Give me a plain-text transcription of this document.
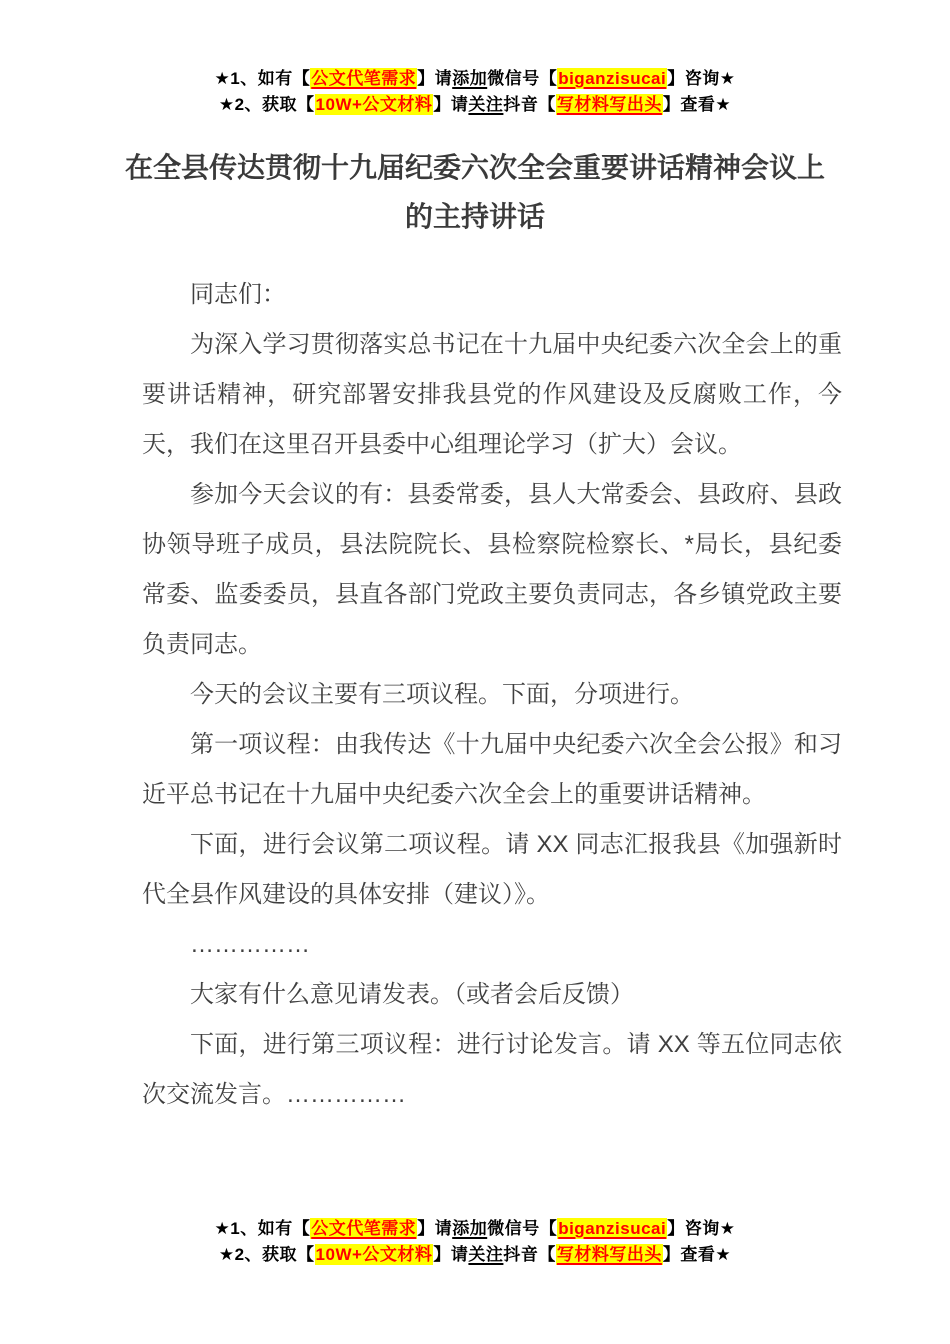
★1、如有【公文代笔需求】请添加微信号【biganzisucai】咨询★
★2、获取【10W+公文材料】请关注抖音【写材料写出头】查看★
在全县传达贯彻十九届纪委六次全会重要讲话精神会议上的主持讲话

同志们：

为深入学习贯彻落实总书记在十九届中央纪委六次全会上的重要讲话精神，研究部署安排我县党的作风建设及反腐败工作，今天，我们在这里召开县委中心组理论学习（扩大）会议。

参加今天会议的有：县委常委，县人大常委会、县政府、县政协领导班子成员，县法院院长、县检察院检察长、*局长，县纪委常委、监委委员，县直各部门党政主要负责同志，各乡镇党政主要负责同志。

今天的会议主要有三项议程。下面，分项进行。

第一项议程：由我传达《十九届中央纪委六次全会公报》和习近平总书记在十九届中央纪委六次全会上的重要讲话精神。

下面，进行会议第二项议程。请 XX 同志汇报我县《加强新时代全县作风建设的具体安排（建议）》。

……………

大家有什么意见请发表。（或者会后反馈）

下面，进行第三项议程：进行讨论发言。请 XX 等五位同志依次交流发言。……………

★1、如有【公文代笔需求】请添加微信号【biganzisucai】咨询★
★2、获取【10W+公文材料】请关注抖音【写材料写出头】查看★
